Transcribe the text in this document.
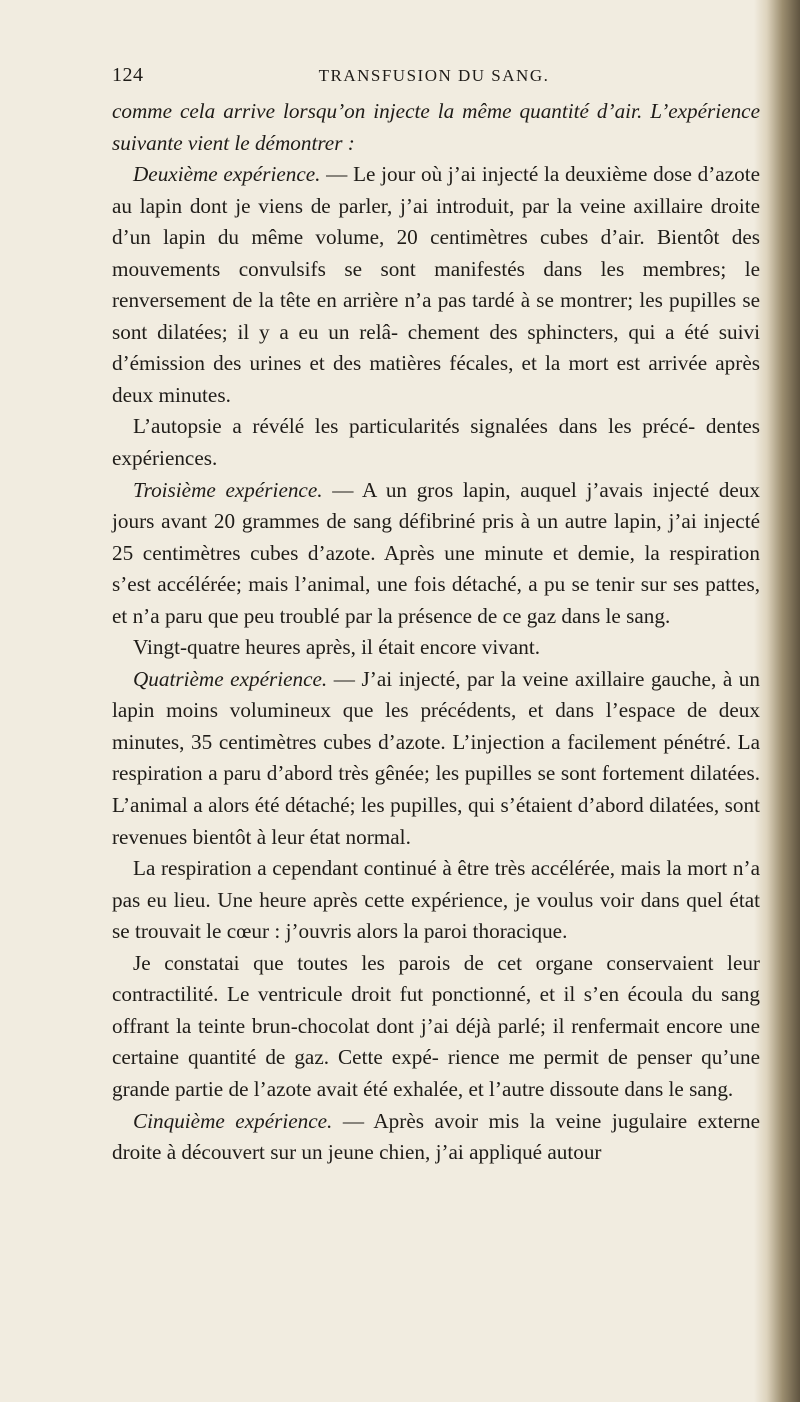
124	TRANSFUSION DU SANG.

comme cela arrive lorsqu’on injecte la même quantité d’air. L’expérience suivante vient le démontrer :

Deuxième expérience. — Le jour où j’ai injecté la deuxième dose d’azote au lapin dont je viens de parler, j’ai introduit, par la veine axillaire droite d’un lapin du même volume, 20 centimètres cubes d’air. Bientôt des mouvements convulsifs se sont manifestés dans les membres; le renversement de la tête en arrière n’a pas tardé à se montrer; les pupilles se sont dilatées; il y a eu un relâ- chement des sphincters, qui a été suivi d’émission des urines et des matières fécales, et la mort est arrivée après deux minutes.

L’autopsie a révélé les particularités signalées dans les précé- dentes expériences.

Troisième expérience. — A un gros lapin, auquel j’avais injecté deux jours avant 20 grammes de sang défibriné pris à un autre lapin, j’ai injecté 25 centimètres cubes d’azote. Après une minute et demie, la respiration s’est accélérée; mais l’animal, une fois détaché, a pu se tenir sur ses pattes, et n’a paru que peu troublé par la présence de ce gaz dans le sang.

Vingt-quatre heures après, il était encore vivant.

Quatrième expérience. — J’ai injecté, par la veine axillaire gauche, à un lapin moins volumineux que les précédents, et dans l’espace de deux minutes, 35 centimètres cubes d’azote. L’injection a facilement pénétré. La respiration a paru d’abord très gênée; les pupilles se sont fortement dilatées. L’animal a alors été détaché; les pupilles, qui s’étaient d’abord dilatées, sont revenues bientôt à leur état normal.

La respiration a cependant continué à être très accélérée, mais la mort n’a pas eu lieu. Une heure après cette expérience, je voulus voir dans quel état se trouvait le cœur : j’ouvris alors la paroi thoracique.

Je constatai que toutes les parois de cet organe conservaient leur contractilité. Le ventricule droit fut ponctionné, et il s’en écoula du sang offrant la teinte brun-chocolat dont j’ai déjà parlé; il renfermait encore une certaine quantité de gaz. Cette expé- rience me permit de penser qu’une grande partie de l’azote avait été exhalée, et l’autre dissoute dans le sang.

Cinquième expérience. — Après avoir mis la veine jugulaire externe droite à découvert sur un jeune chien, j’ai appliqué autour
